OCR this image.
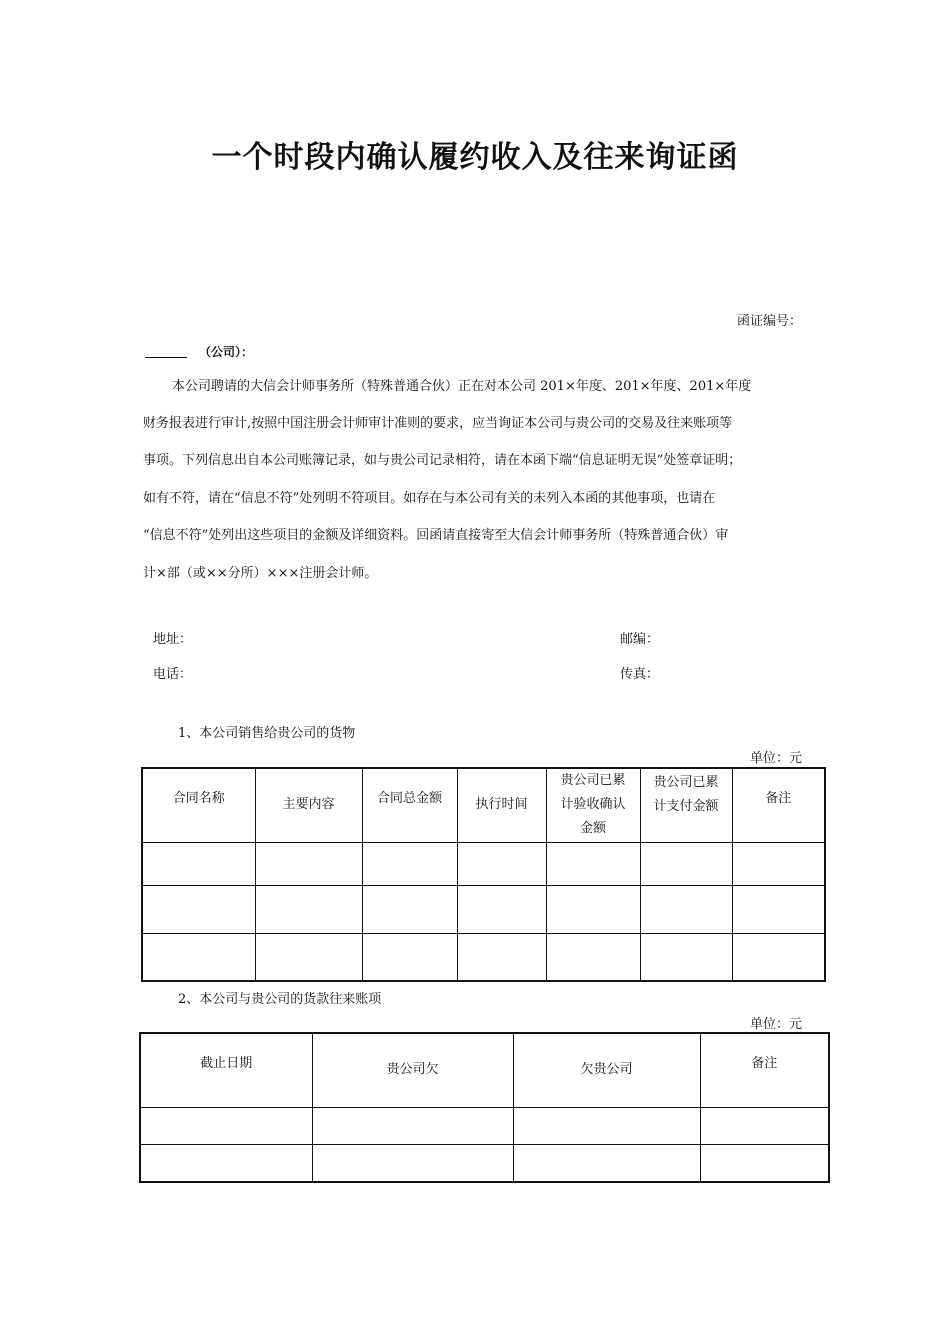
一个时段内确认履约收入及往来询证函
函证编号：
（公司）：
本公司聘请的大信会计师事务所（特殊普通合伙）正在对本公司 201×年度、201×年度、201×年度
财务报表进行审计,按照中国注册会计师审计准则的要求，应当询证本公司与贵公司的交易及往来账项等
事项。下列信息出自本公司账簿记录，如与贵公司记录相符，请在本函下端“信息证明无误”处签章证明；
如有不符，请在“信息不符”处列明不符项目。如存在与本公司有关的未列入本函的其他事项，也请在
“信息不符”处列出这些项目的金额及详细资料。回函请直接寄至大信会计师事务所（特殊普通合伙）审
计×部（或××分所）×××注册会计师。
地址：	邮编：
电话：	传真：
1、本公司销售给贵公司的货物
单位：元
合同名称	主要内容	合同总金额	执行时间	贵公司已累计验收确认金额	贵公司已累计支付金额	备注

2、本公司与贵公司的货款往来账项
单位：元
截止日期	贵公司欠	欠贵公司	备注
